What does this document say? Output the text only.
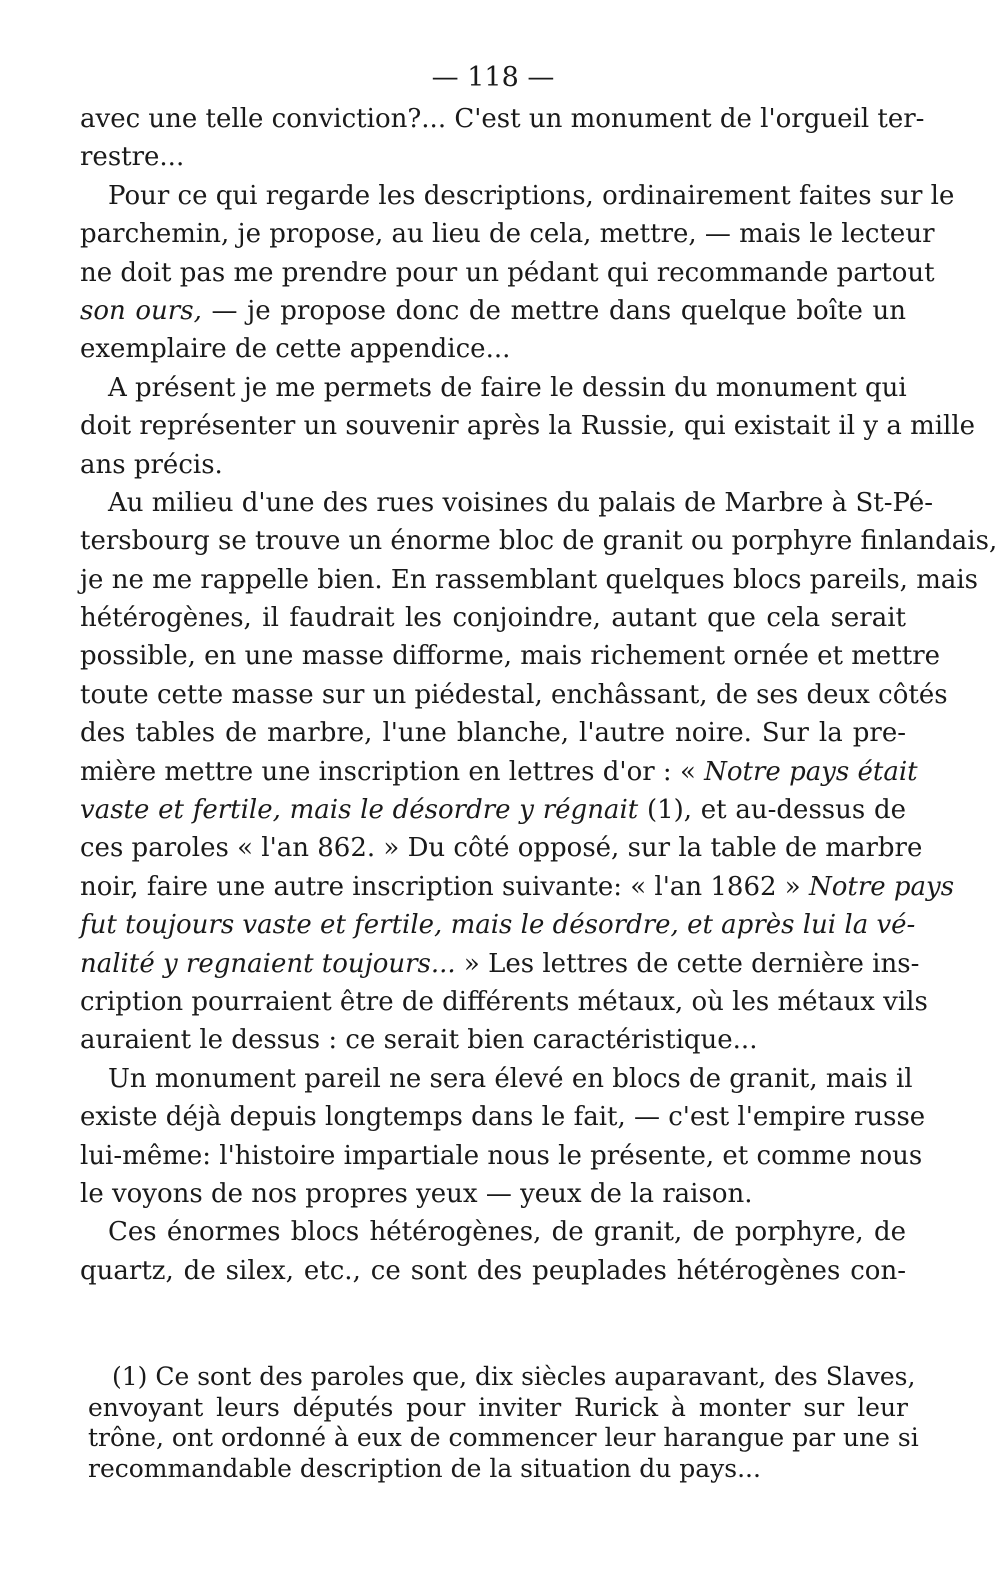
— 118 —
avec une telle conviction?... C'est un monument de l'orgueil ter-
restre...
Pour ce qui regarde les descriptions, ordinairement faites sur le
parchemin, je propose, au lieu de cela, mettre, — mais le lecteur
ne doit pas me prendre pour un pédant qui recommande partout
son ours, — je propose donc de mettre dans quelque boîte un
exemplaire de cette appendice...
A présent je me permets de faire le dessin du monument qui
doit représenter un souvenir après la Russie, qui existait il y a mille
ans précis.
Au milieu d'une des rues voisines du palais de Marbre à St-Pé-
tersbourg se trouve un énorme bloc de granit ou porphyre finlandais,
je ne me rappelle bien. En rassemblant quelques blocs pareils, mais
hétérogènes, il faudrait les conjoindre, autant que cela serait
possible, en une masse difforme, mais richement ornée et mettre
toute cette masse sur un piédestal, enchâssant, de ses deux côtés
des tables de marbre, l'une blanche, l'autre noire. Sur la pre-
mière mettre une inscription en lettres d'or : « Notre pays était
vaste et fertile, mais le désordre y régnait (1), et au-dessus de
ces paroles « l'an 862. » Du côté opposé, sur la table de marbre
noir, faire une autre inscription suivante: « l'an 1862 » Notre pays
fut toujours vaste et fertile, mais le désordre, et après lui la vé-
nalité y regnaient toujours... » Les lettres de cette dernière ins-
cription pourraient être de différents métaux, où les métaux vils
auraient le dessus : ce serait bien caractéristique...
Un monument pareil ne sera élevé en blocs de granit, mais il
existe déjà depuis longtemps dans le fait, — c'est l'empire russe
lui-même: l'histoire impartiale nous le présente, et comme nous
le voyons de nos propres yeux — yeux de la raison.
Ces énormes blocs hétérogènes, de granit, de porphyre, de
quartz, de silex, etc., ce sont des peuplades hétérogènes con-
(1) Ce sont des paroles que, dix siècles auparavant, des Slaves,
envoyant leurs députés pour inviter Rurick à monter sur leur
trône, ont ordonné à eux de commencer leur harangue par une si
recommandable description de la situation du pays...
